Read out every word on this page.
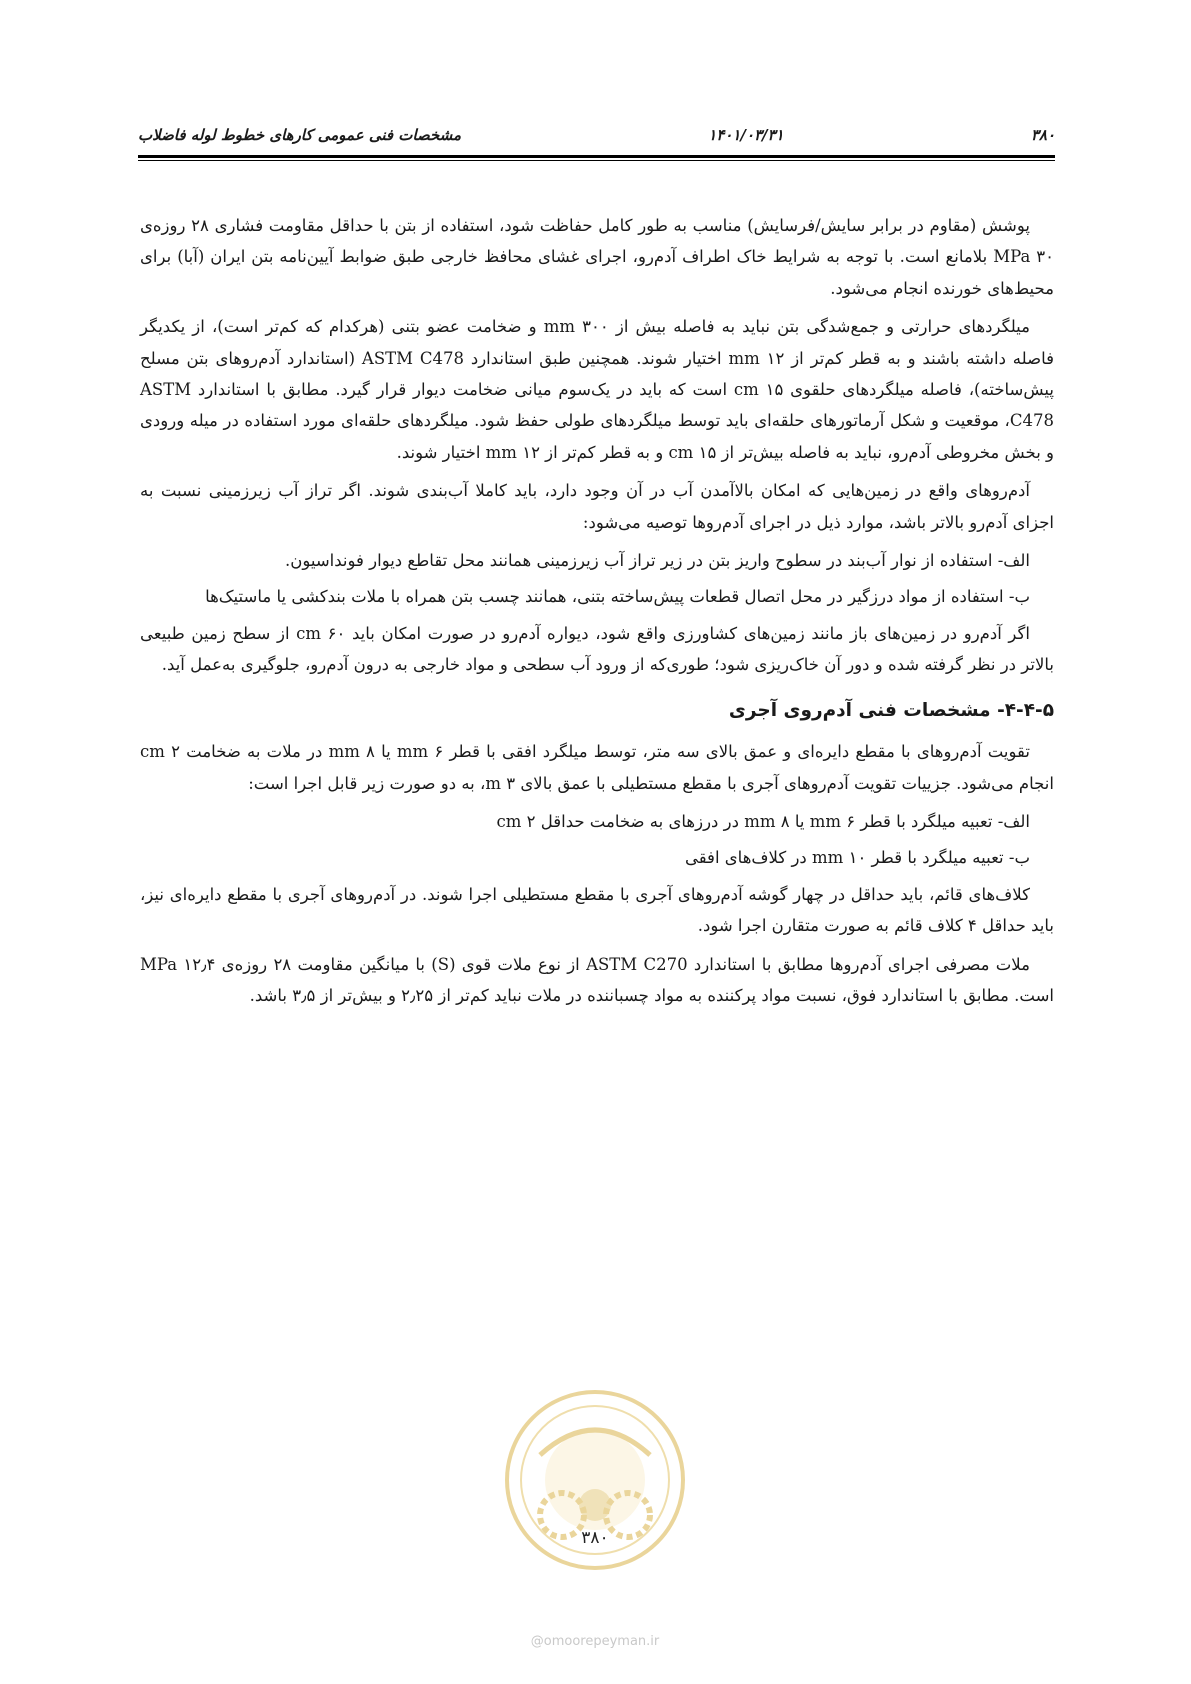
۳۸۰
۱۴۰۱/۰۳/۳۱
مشخصات فنی عمومی کارهای خطوط لوله فاضلاب

پوشش (مقاوم در برابر سایش/فرسایش) مناسب به طور کامل حفاظت شود، استفاده از بتن با حداقل مقاومت فشاری ۲۸ روزه‌ی MPa ۳۰ بلامانع است. با توجه به شرایط خاک اطراف آدم‌رو، اجرای غشای محافظ خارجی طبق ضوابط آیین‌نامه بتن ایران (آبا) برای محیط‌های خورنده انجام می‌شود.

میلگردهای حرارتی و جمع‌شدگی بتن نباید به فاصله بیش از ۳۰۰ mm و ضخامت عضو بتنی (هرکدام که کم‌تر است)، از یکدیگر فاصله داشته باشند و به قطر کم‌تر از ۱۲ mm اختیار شوند. همچنین طبق استاندارد ASTM C478 (استاندارد آدم‌روهای بتن مسلح پیش‌ساخته)، فاصله میلگردهای حلقوی ۱۵ cm است که باید در یک‌سوم میانی ضخامت دیوار قرار گیرد. مطابق با استاندارد ASTM C478، موقعیت و شکل آرماتورهای حلقه‌ای باید توسط میلگردهای طولی حفظ شود. میلگردهای حلقه‌ای مورد استفاده در میله ورودی و بخش مخروطی آدم‌رو، نباید به فاصله بیش‌تر از ۱۵ cm و به قطر کم‌تر از ۱۲ mm اختیار شوند.

آدم‌روهای واقع در زمین‌هایی که امکان بالاآمدن آب در آن وجود دارد، باید کاملا آب‌بندی شوند. اگر تراز آب زیرزمینی نسبت به اجزای آدم‌رو بالاتر باشد، موارد ذیل در اجرای آدم‌روها توصیه می‌شود:

الف- استفاده از نوار آب‌بند در سطوح واریز بتن در زیر تراز آب زیرزمینی همانند محل تقاطع دیوار فونداسیون.

ب- استفاده از مواد درزگیر در محل اتصال قطعات پیش‌ساخته بتنی، همانند چسب بتن همراه با ملات بندکشی یا ماستیک‌ها

اگر آدم‌رو در زمین‌های باز مانند زمین‌های کشاورزی واقع شود، دیواره آدم‌رو در صورت امکان باید cm ۶۰ از سطح زمین طبیعی بالاتر در نظر گرفته شده و دور آن خاک‌ریزی شود؛ طوری‌که از ورود آب سطحی و مواد خارجی به درون آدم‌رو، جلوگیری به‌عمل آید.

۴-۴-۵- مشخصات فنی آدم‌روی آجری

تقویت آدم‌روهای با مقطع دایره‌ای و عمق بالای سه متر، توسط میلگرد افقی با قطر ۶ mm یا ۸ mm در ملات به ضخامت ۲ cm انجام می‌شود. جزییات تقویت آدم‌روهای آجری با مقطع مستطیلی با عمق بالای ۳ m، به دو صورت زیر قابل اجرا است:

الف- تعبیه میلگرد با قطر ۶ mm یا ۸ mm در درزهای به ضخامت حداقل ۲ cm

ب- تعبیه میلگرد با قطر ۱۰ mm در کلاف‌های افقی

کلاف‌های قائم، باید حداقل در چهار گوشه آدم‌روهای آجری با مقطع مستطیلی اجرا شوند. در آدم‌روهای آجری با مقطع دایره‌ای نیز، باید حداقل ۴ کلاف قائم به صورت متقارن اجرا شود.

ملات مصرفی اجرای آدم‌روها مطابق با استاندارد ASTM C270 از نوع ملات قوی (S) با میانگین مقاومت ۲۸ روزه‌ی ۱۲٫۴ MPa است. مطابق با استاندارد فوق، نسبت مواد پرکننده به مواد چسباننده در ملات نباید کم‌تر از ۲٫۲۵ و بیش‌تر از ۳٫۵ باشد.

۳۸۰
@omoorepeyman.ir
